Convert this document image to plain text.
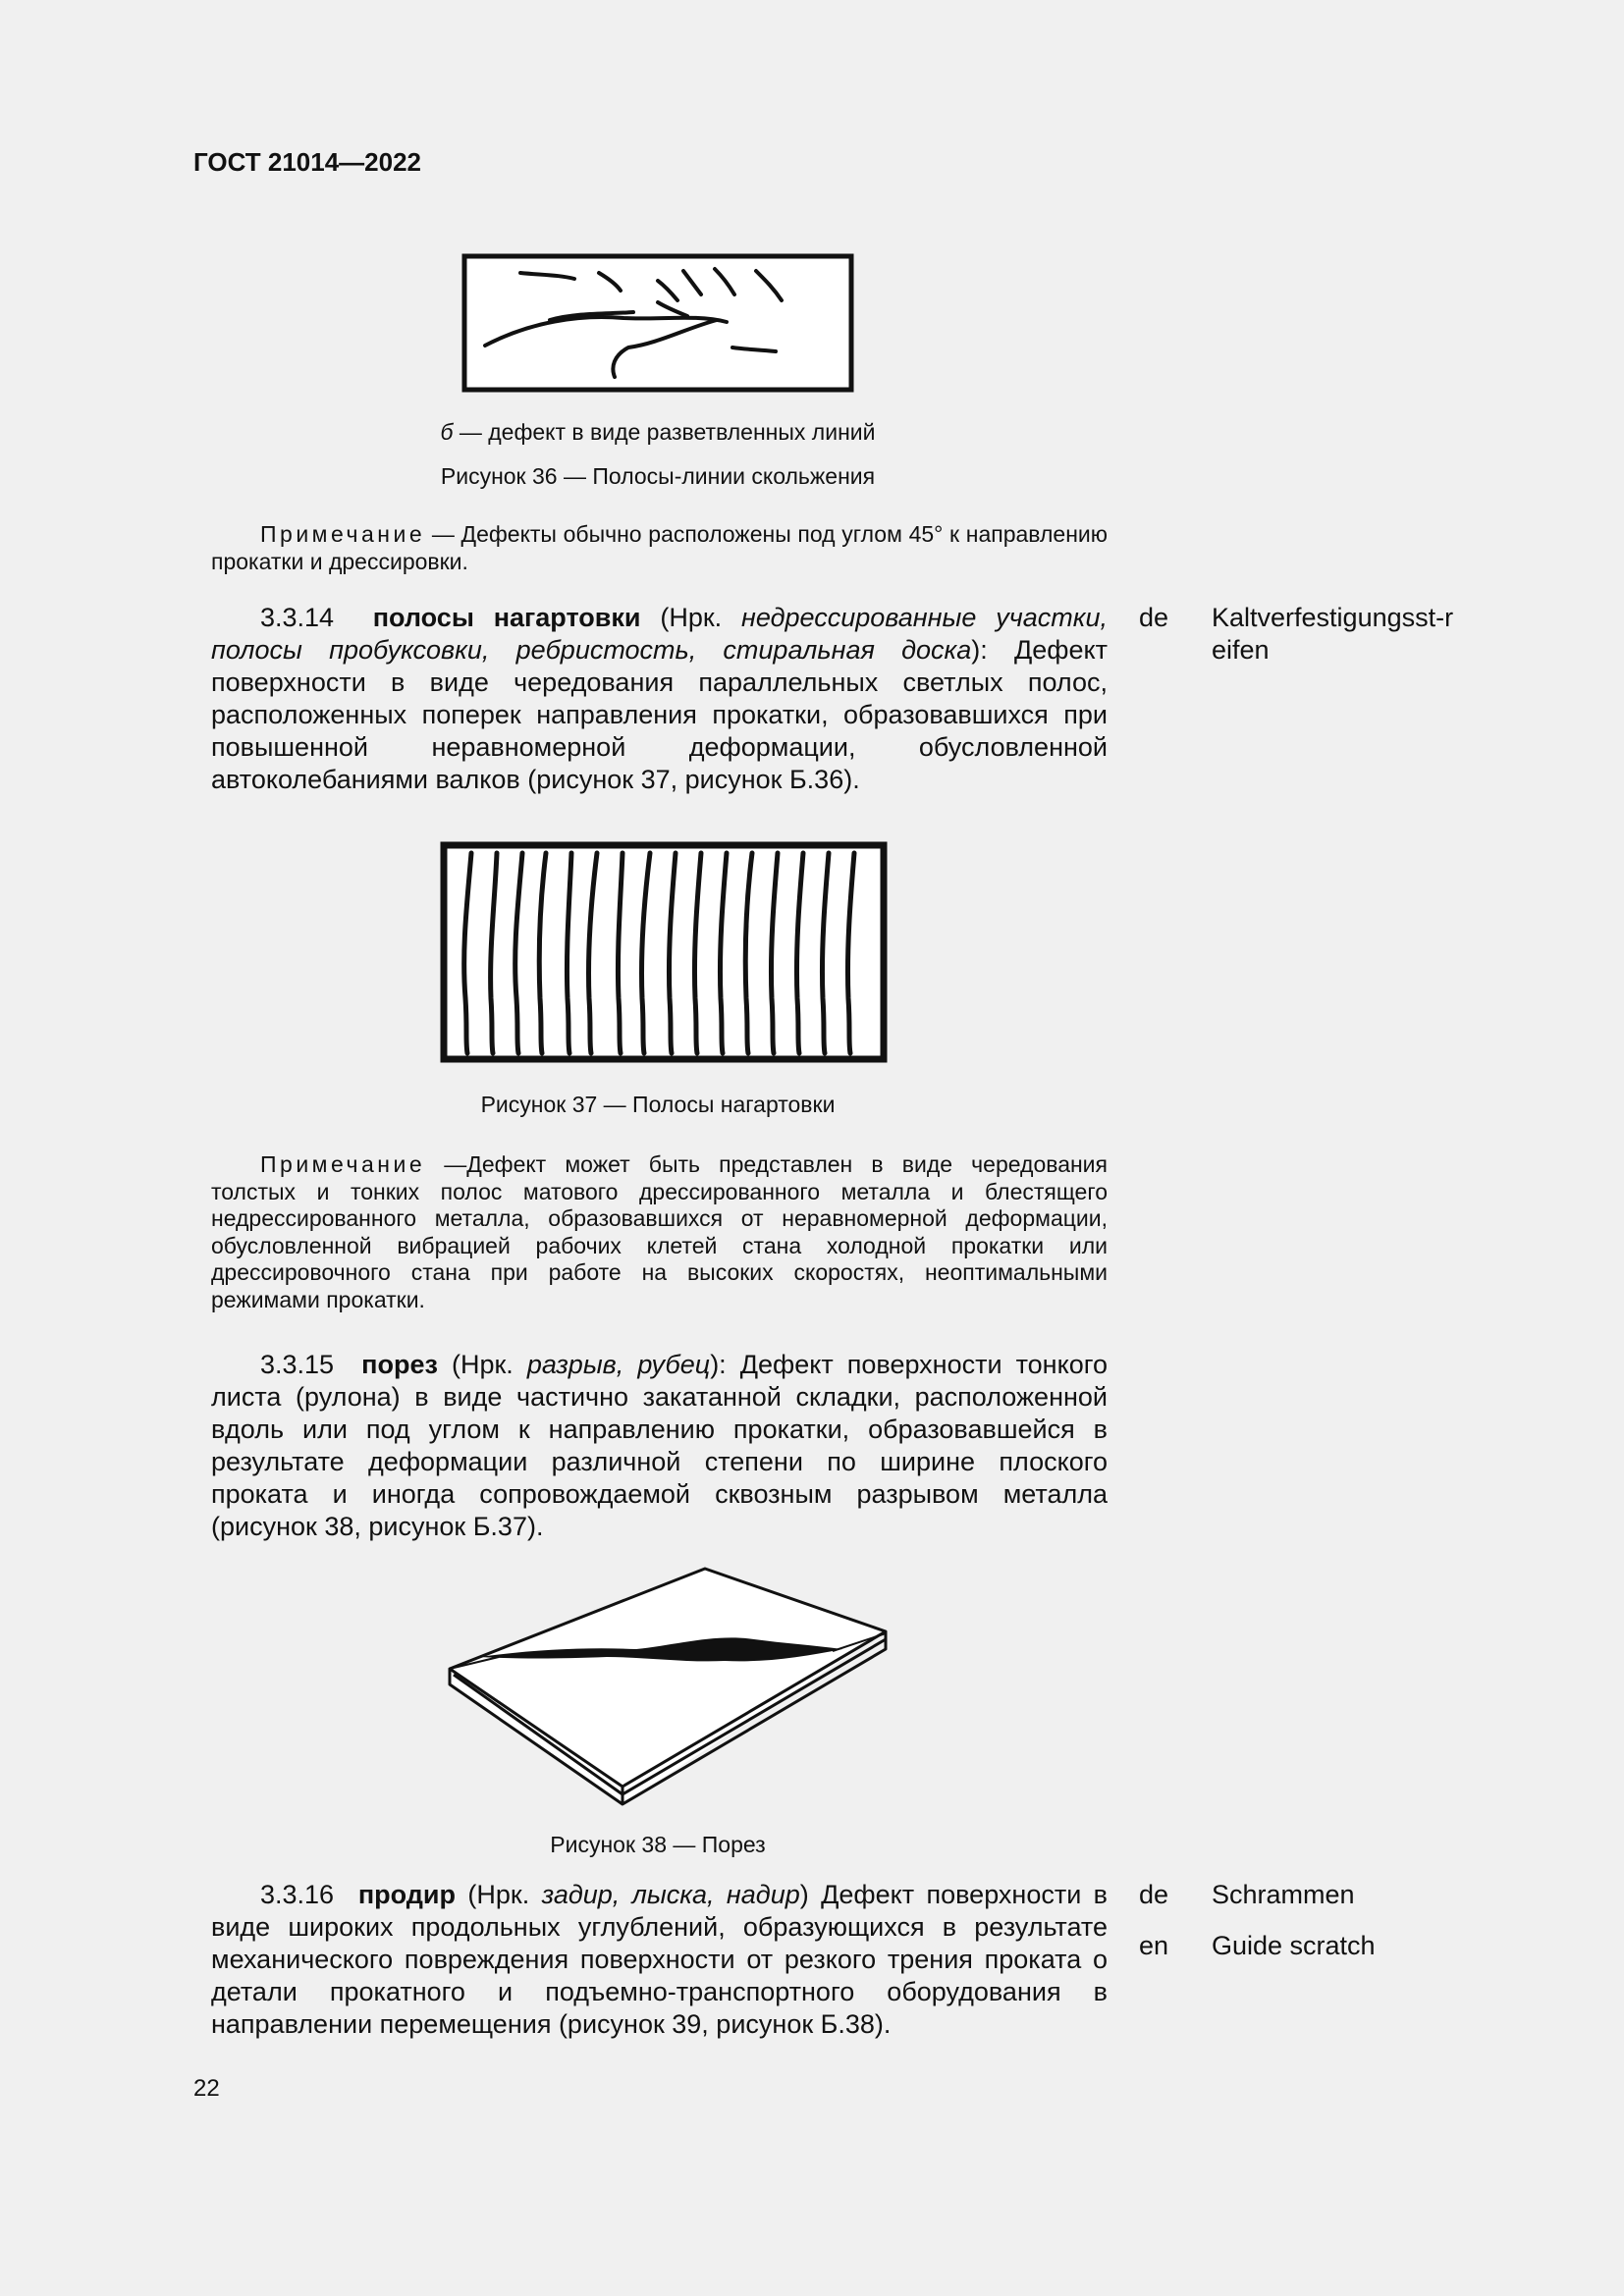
ГОСТ 21014—2022
б — дефект в виде разветвленных линий
Рисунок 36 — Полосы-линии скольжения
Примечание — Дефекты обычно расположены под углом 45° к направлению прокатки и дрессировки.
3.3.14 полосы нагартовки (Нрк. недрессированные участки, полосы пробуксовки, ребристость, стиральная доска): Дефект поверхности в виде чередования параллельных светлых полос, расположенных поперек направления прокатки, образовавшихся при повышенной неравномерной деформации, обусловленной автоколебаниями валков (рисунок 37, рисунок Б.36).
de Kaltverfestigungsst-reifen
Рисунок 37 — Полосы нагартовки
Примечание —Дефект может быть представлен в виде чередования толстых и тонких полос матового дрессированного металла и блестящего недрессированного металла, образовавшихся от неравномерной деформации, обусловленной вибрацией рабочих клетей стана холодной прокатки или дрессировочного стана при работе на высоких скоростях, неоптимальными режимами прокатки.
3.3.15 порез (Нрк. разрыв, рубец): Дефект поверхности тонкого листа (рулона) в виде частично закатанной складки, расположенной вдоль или под углом к направлению прокатки, образовавшейся в результате деформации различной степени по ширине плоского проката и иногда сопровождаемой сквозным разрывом металла (рисунок 38, рисунок Б.37).
Рисунок 38 — Порез
3.3.16 продир (Нрк. задир, лыска, надир) Дефект поверхности в виде широких продольных углублений, образующихся в результате механического повреждения поверхности от резкого трения проката о детали прокатного и подъемно-транспортного оборудования в направлении перемещения (рисунок 39, рисунок Б.38).
de Schrammen
en Guide scratch
22
